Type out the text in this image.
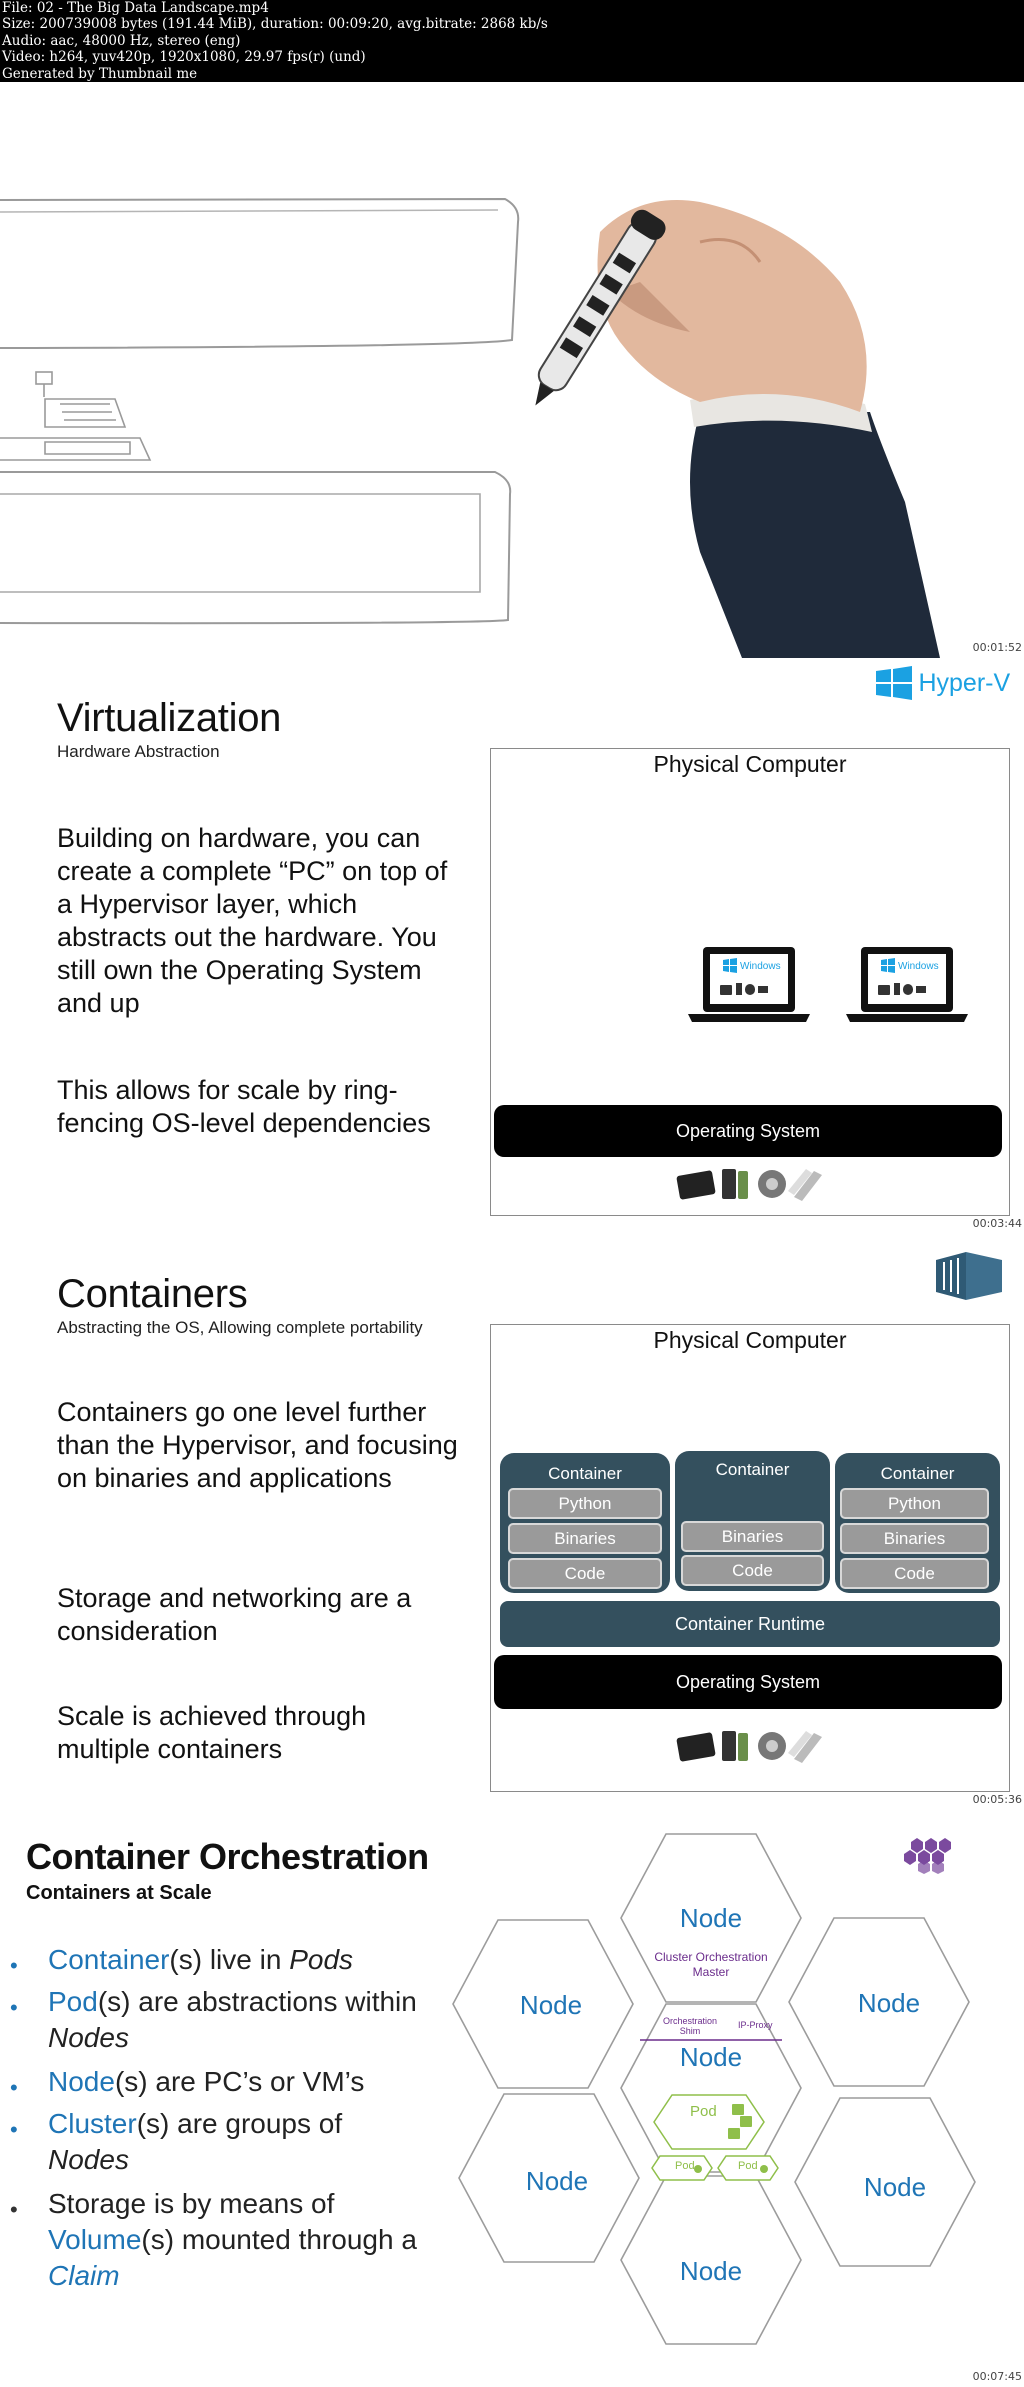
File: 02 - The Big Data Landscape.mp4
Size: 200739008 bytes (191.44 MiB), duration: 00:09:20, avg.bitrate: 2868 kb/s
Audio: aac, 48000 Hz, stereo (eng)
Video: h264, yuv420p, 1920x1080, 29.97 fps(r) (und)
Generated by Thumbnail me
00:01:52
Hyper-V
Virtualization
Hardware Abstraction
Building on hardware, you can create a complete “PC” on top of a Hypervisor layer, which abstracts out the hardware. You still own the Operating System and up
This allows for scale by ring-fencing OS-level dependencies
Physical Computer
Windows	Windows
Operating System
00:03:44
Containers
Abstracting the OS, Allowing complete portability
Containers go one level further than the Hypervisor, and focusing on binaries and applications
Storage and networking are a consideration
Scale is achieved through multiple containers
Physical Computer
Container
Python
Binaries
Code
Container
Binaries
Code
Container
Python
Binaries
Code
Container Runtime
Operating System
00:05:36
Container Orchestration
Containers at Scale
• Container(s) live in Pods
• Pod(s) are abstractions within Nodes
• Node(s) are PC’s or VM’s
• Cluster(s) are groups of Nodes
• Storage is by means of Volume(s) mounted through a Claim
Node
Cluster Orchestration Master
Node	Node
Orchestration Shim
IP-Proxy
Node
Pod
Pod	Pod
Node	Node
Node
00:07:45
